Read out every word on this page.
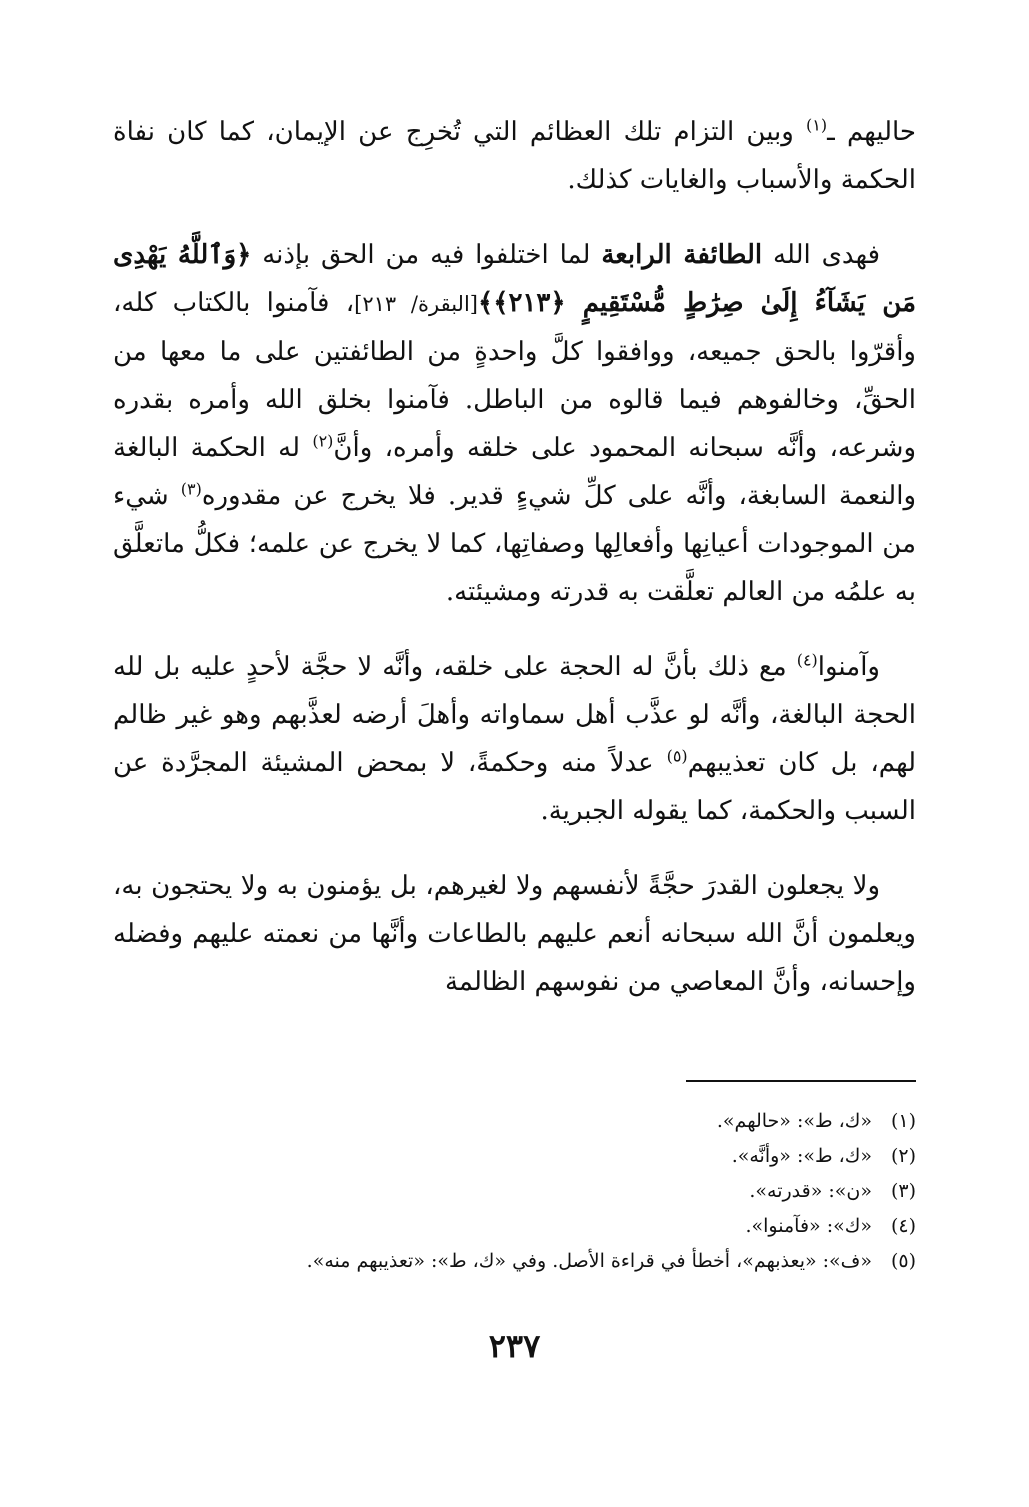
حاليهم ـ$^{(١)}$ وبين التزام تلك العظائم التي تُخرِج عن الإيمان، كما كان نفاة الحكمة والأسباب والغايات كذلك.

فهدى الله الطائفة الرابعة لما اختلفوا فيه من الحق بإذنه ﴿وَٱللَّهُ يَهْدِى مَن يَشَآءُ إِلَىٰ صِرَٰطٍ مُّسْتَقِيمٍ ﴿٢١٣﴾﴾[البقرة/ ٢١٣]، فآمنوا بالكتاب كله، وأقرّوا بالحق جميعه، ووافقوا كلَّ واحدةٍ من الطائفتين على ما معها من الحقِّ، وخالفوهم فيما قالوه من الباطل. فآمنوا بخلق الله وأمره بقدره وشرعه، وأنَّه سبحانه المحمود على خلقه وأمره، وأنَّ$^{(٢)}$ له الحكمة البالغة والنعمة السابغة، وأنَّه على كلِّ شيءٍ قدير. فلا يخرج عن مقدوره$^{(٣)}$ شيء من الموجودات أعيانِها وأفعالِها وصفاتِها، كما لا يخرج عن علمه؛ فكلُّ ماتعلَّق به علمُه من العالم تعلَّقت به قدرته ومشيئته.

وآمنوا$^{(٤)}$ مع ذلك بأنَّ له الحجة على خلقه، وأنَّه لا حجَّة لأحدٍ عليه بل لله الحجة البالغة، وأنَّه لو عذَّب أهل سماواته وأهلَ أرضه لعذَّبهم وهو غير ظالم لهم، بل كان تعذيبهم$^{(٥)}$ عدلاً منه وحكمةً، لا بمحض المشيئة المجرَّدة عن السبب والحكمة، كما يقوله الجبرية.

ولا يجعلون القدرَ حجَّةً لأنفسهم ولا لغيرهم، بل يؤمنون به ولا يحتجون به، ويعلمون أنَّ الله سبحانه أنعم عليهم بالطاعات وأنَّها من نعمته عليهم وفضله وإحسانه، وأنَّ المعاصي من نفوسهم الظالمة

(١)
«ك، ط»: «حالهم».
(٢)
«ك، ط»: «وأنَّه».
(٣)
«ن»: «قدرته».
(٤)
«ك»: «فآمنوا».
(٥)
«ف»: «يعذبهم»، أخطأ في قراءة الأصل. وفي «ك، ط»: «تعذيبهم منه».
٢٣٧
